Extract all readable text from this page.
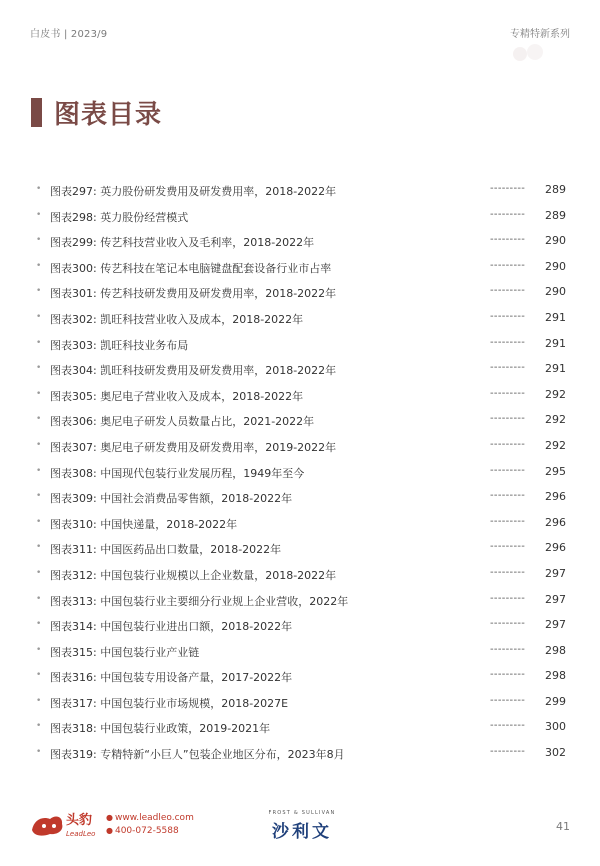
白皮书 | 2023/9	专精特新系列
图表目录
• 图表297: 英力股份研发费用及研发费用率，2018-2022年	--------- 289
• 图表298: 英力股份经营模式	--------- 289
• 图表299: 传艺科技营业收入及毛利率，2018-2022年	--------- 290
• 图表300: 传艺科技在笔记本电脑键盘配套设备行业市占率	--------- 290
• 图表301: 传艺科技研发费用及研发费用率，2018-2022年	--------- 290
• 图表302: 凯旺科技营业收入及成本，2018-2022年	--------- 291
• 图表303: 凯旺科技业务布局	--------- 291
• 图表304: 凯旺科技研发费用及研发费用率，2018-2022年	--------- 291
• 图表305: 奥尼电子营业收入及成本，2018-2022年	--------- 292
• 图表306: 奥尼电子研发人员数量占比，2021-2022年	--------- 292
• 图表307: 奥尼电子研发费用及研发费用率，2019-2022年	--------- 292
• 图表308: 中国现代包装行业发展历程，1949年至今	--------- 295
• 图表309: 中国社会消费品零售额，2018-2022年	--------- 296
• 图表310: 中国快递量，2018-2022年	--------- 296
• 图表311: 中国医药品出口数量，2018-2022年	--------- 296
• 图表312: 中国包装行业规模以上企业数量，2018-2022年	--------- 297
• 图表313: 中国包装行业主要细分行业规上企业营收，2022年	--------- 297
• 图表314: 中国包装行业进出口额，2018-2022年	--------- 297
• 图表315: 中国包装行业产业链	--------- 298
• 图表316: 中国包装专用设备产量，2017-2022年	--------- 298
• 图表317: 中国包装行业市场规模，2018-2027E	--------- 299
• 图表318: 中国包装行业政策，2019-2021年	--------- 300
• 图表319: 专精特新“小巨人”包装企业地区分布，2023年8月	--------- 302
头豹
LeadLeo
● www.leadleo.com
● 400-072-5588
FROST & SULLIVAN
沙利文	41
